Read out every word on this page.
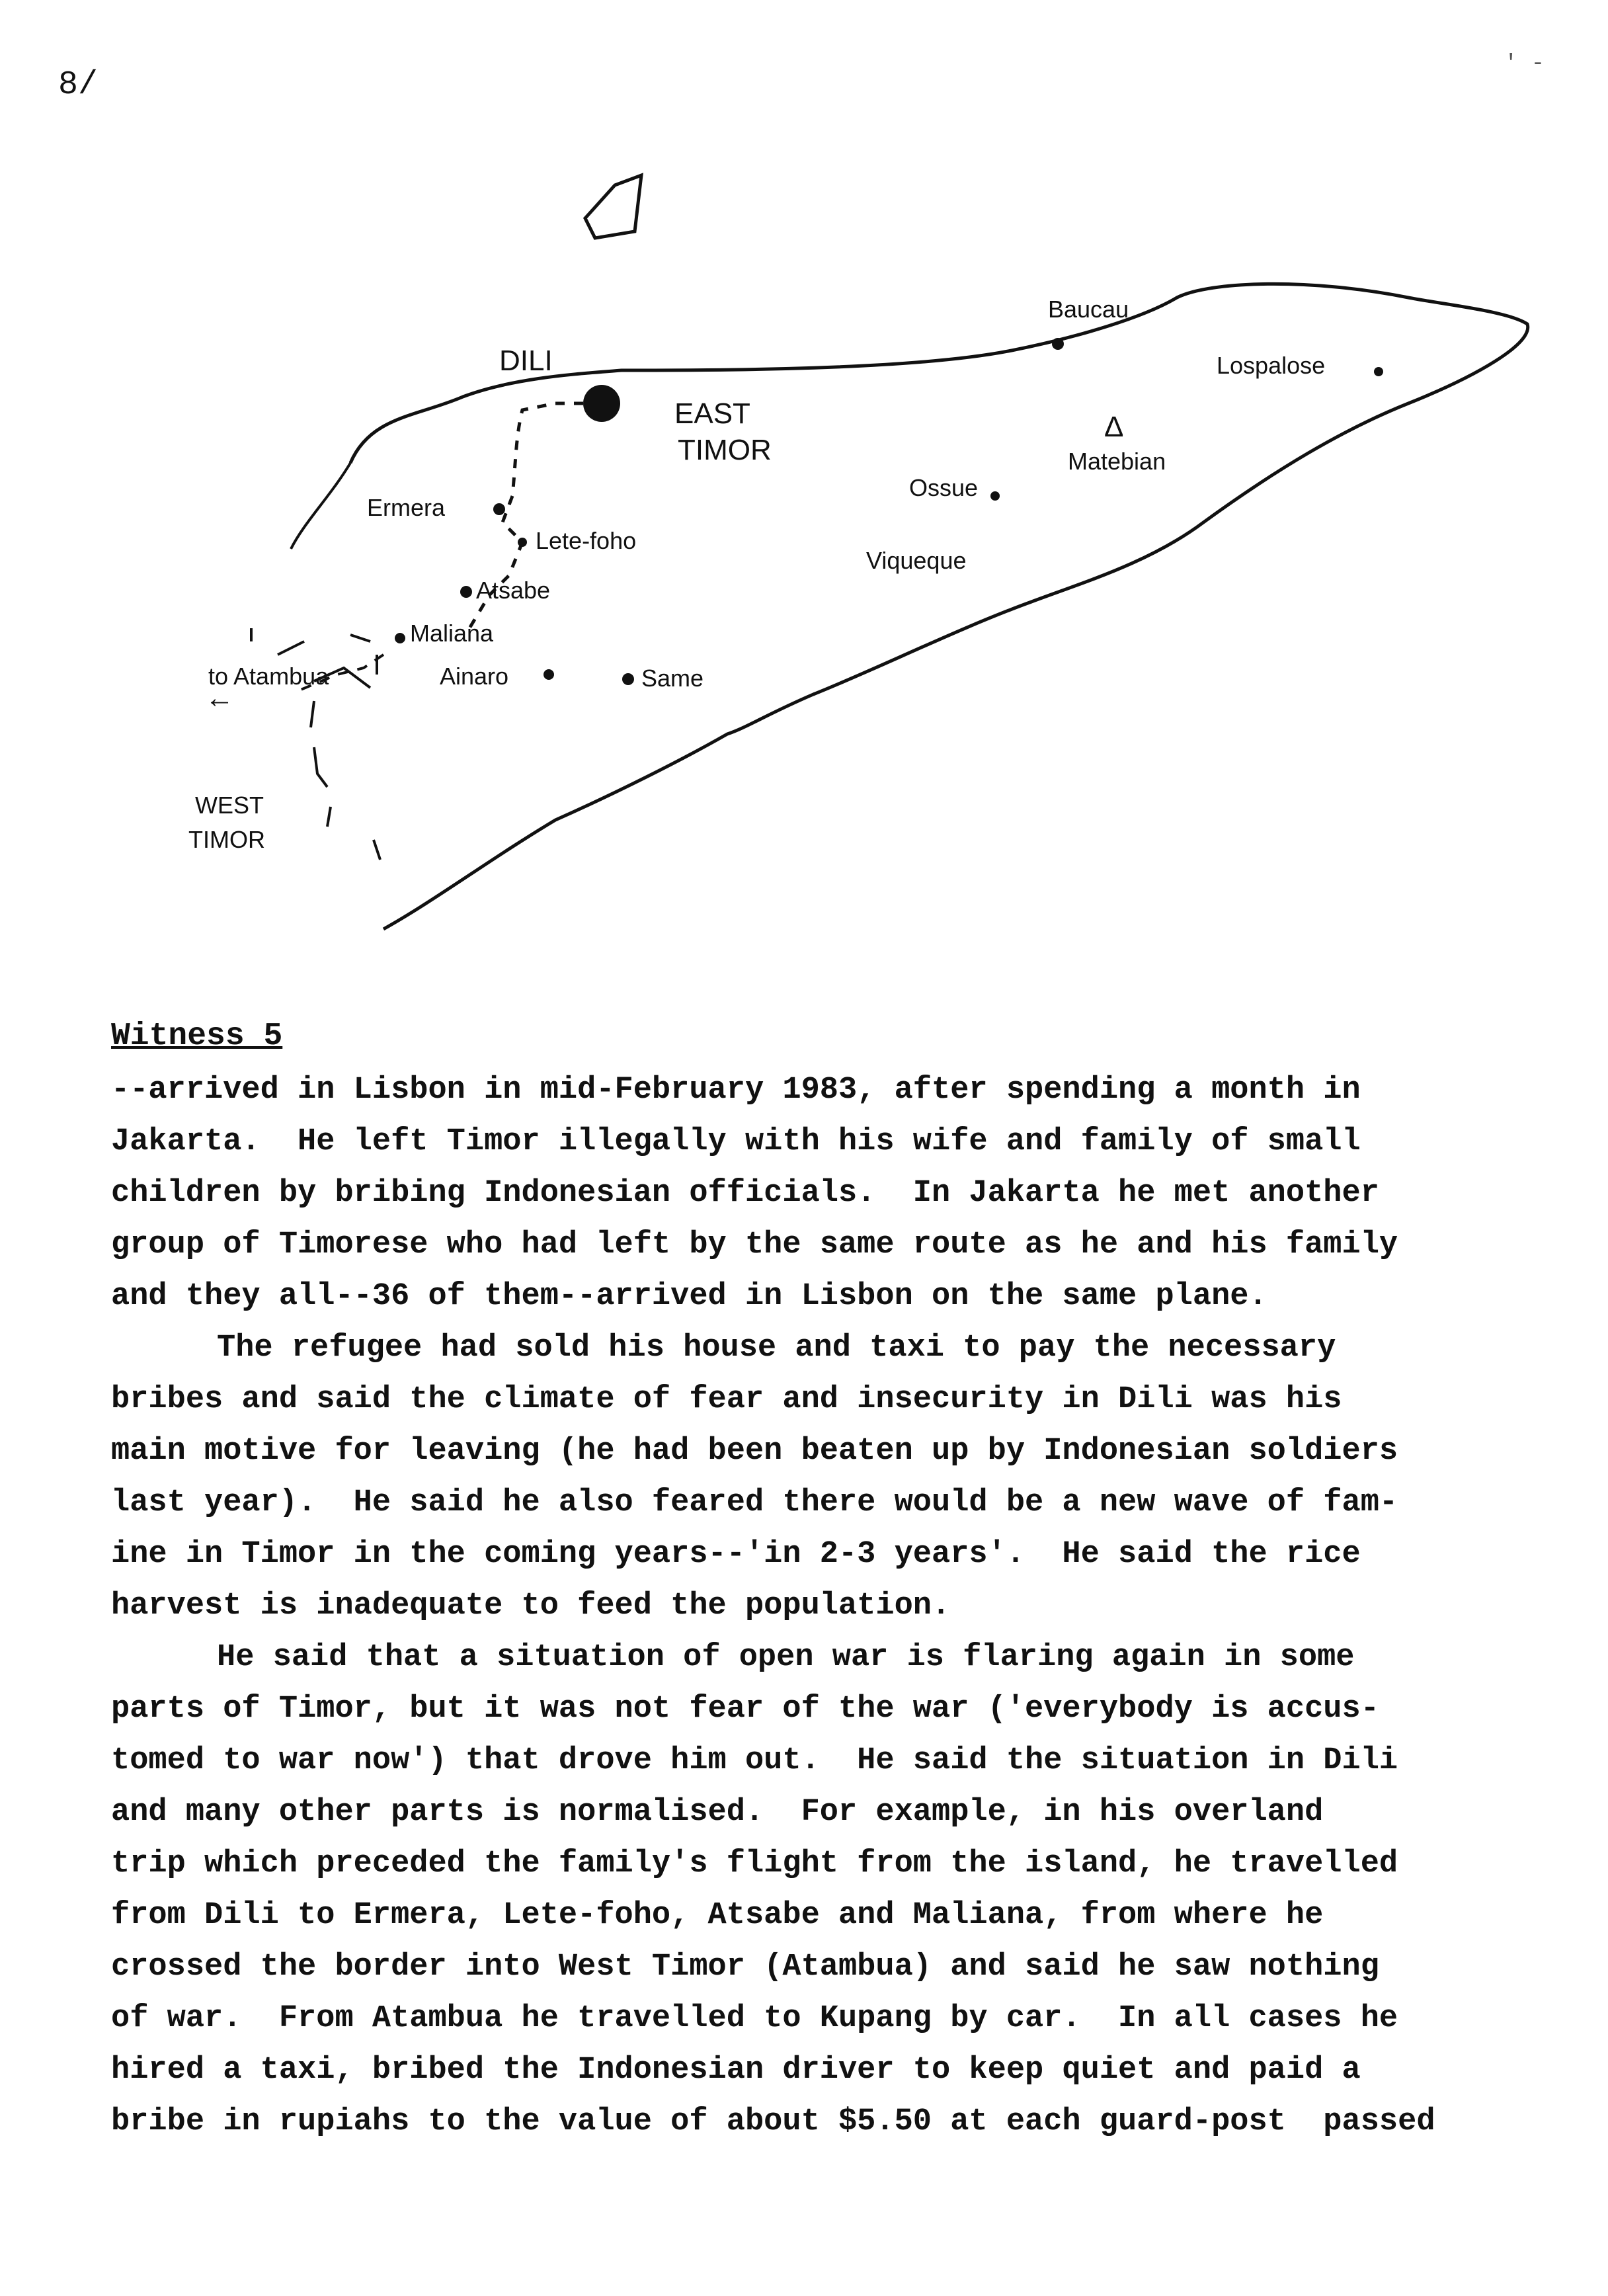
8/
' -
DILI
EAST
TIMOR
Baucau
Lospalose
Δ
Matebian
Ossue
Viqueque
Ermera
Lete-foho
Atsabe
Maliana
Ainaro	Same
to Atambua
←
WEST
TIMOR
Witness 5
--arrived in Lisbon in mid-February 1983, after spending a month in
Jakarta.  He left Timor illegally with his wife and family of small
children by bribing Indonesian officials.  In Jakarta he met another
group of Timorese who had left by the same route as he and his family
and they all--36 of them--arrived in Lisbon on the same plane.
The refugee had sold his house and taxi to pay the necessary
bribes and said the climate of fear and insecurity in Dili was his
main motive for leaving (he had been beaten up by Indonesian soldiers
last year).  He said he also feared there would be a new wave of fam-
ine in Timor in the coming years--'in 2-3 years'.  He said the rice
harvest is inadequate to feed the population.
He said that a situation of open war is flaring again in some
parts of Timor, but it was not fear of the war ('everybody is accus-
tomed to war now') that drove him out.  He said the situation in Dili
and many other parts is normalised.  For example, in his overland
trip which preceded the family's flight from the island, he travelled
from Dili to Ermera, Lete-foho, Atsabe and Maliana, from where he
crossed the border into West Timor (Atambua) and said he saw nothing
of war.  From Atambua he travelled to Kupang by car.  In all cases he
hired a taxi, bribed the Indonesian driver to keep quiet and paid a
bribe in rupiahs to the value of about $5.50 at each guard-post  passed
